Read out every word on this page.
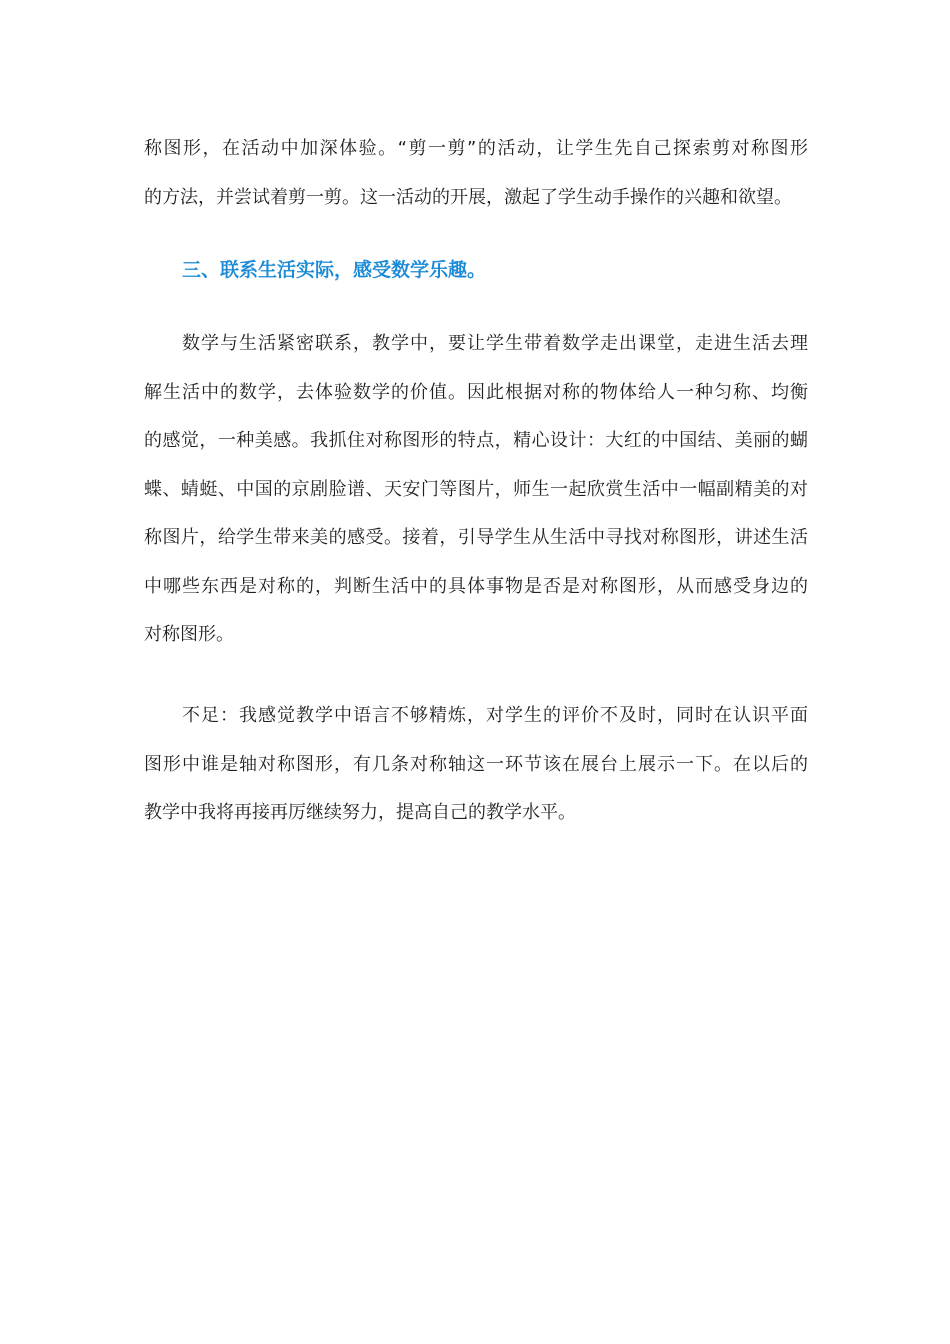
称图形，在活动中加深体验。“剪一剪”的活动，让学生先自己探索剪对称图形
的方法，并尝试着剪一剪。这一活动的开展，激起了学生动手操作的兴趣和欲望。
三、联系生活实际，感受数学乐趣。
数学与生活紧密联系，教学中，要让学生带着数学走出课堂，走进生活去理
解生活中的数学，去体验数学的价值。因此根据对称的物体给人一种匀称、均衡
的感觉，一种美感。我抓住对称图形的特点，精心设计：大红的中国结、美丽的蝴
蝶、蜻蜓、中国的京剧脸谱、天安门等图片，师生一起欣赏生活中一幅副精美的对
称图片，给学生带来美的感受。接着，引导学生从生活中寻找对称图形，讲述生活
中哪些东西是对称的，判断生活中的具体事物是否是对称图形，从而感受身边的
对称图形。
不足：我感觉教学中语言不够精炼，对学生的评价不及时，同时在认识平面
图形中谁是轴对称图形，有几条对称轴这一环节该在展台上展示一下。在以后的
教学中我将再接再厉继续努力，提高自己的教学水平。
